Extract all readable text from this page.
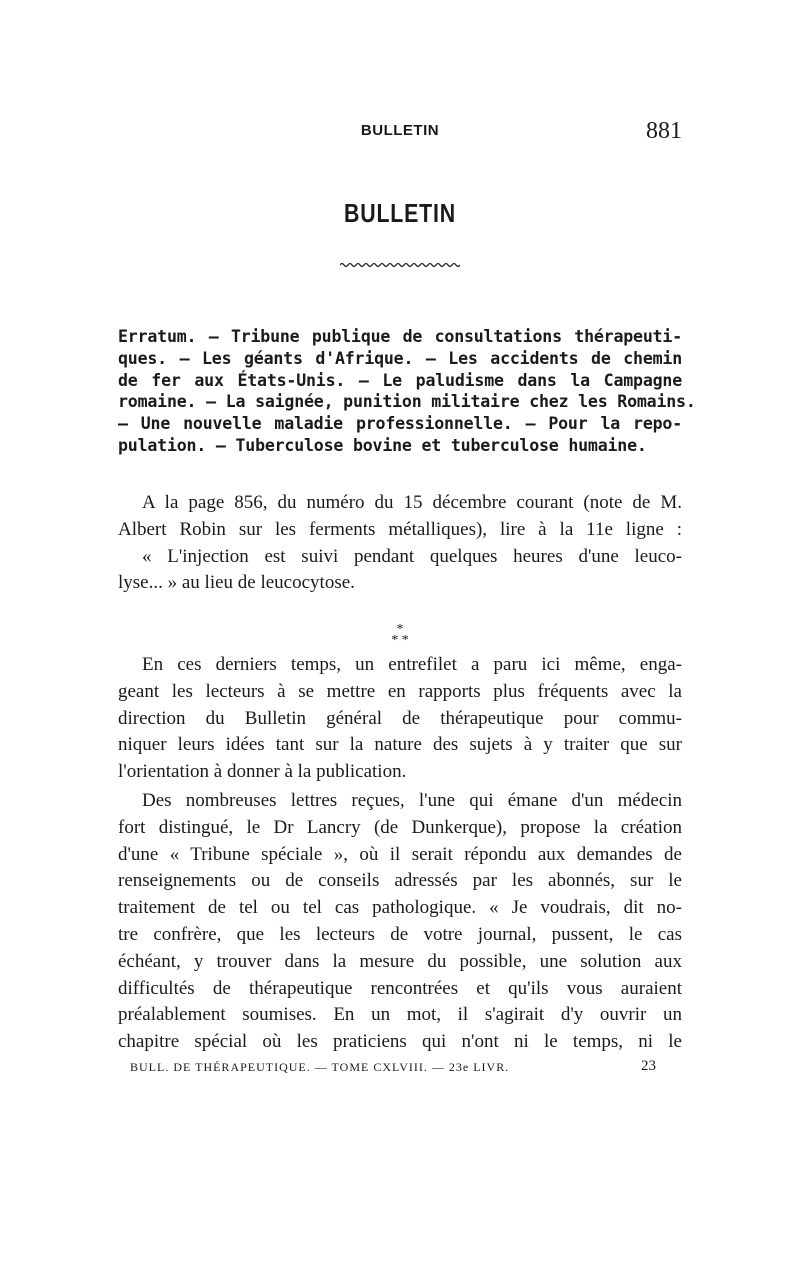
BULLETIN	881
BULLETIN
Erratum. — Tribune publique de consultations thérapeuti-
ques. — Les géants d'Afrique. — Les accidents de chemin
de fer aux États-Unis. — Le paludisme dans la Campagne
romaine. — La saignée, punition militaire chez les Romains.
— Une nouvelle maladie professionnelle. — Pour la repo-
pulation. — Tuberculose bovine et tuberculose humaine.
A la page 856, du numéro du 15 décembre courant (note de M.
Albert Robin sur les ferments métalliques), lire à la 11e ligne :
« L'injection est suivi pendant quelques heures d'une leuco-
lyse... » au lieu de leucocytose.
*
* *
En ces derniers temps, un entrefilet a paru ici même, enga-
geant les lecteurs à se mettre en rapports plus fréquents avec la
direction du Bulletin général de thérapeutique pour commu-
niquer leurs idées tant sur la nature des sujets à y traiter que sur
l'orientation à donner à la publication.
Des nombreuses lettres reçues, l'une qui émane d'un médecin
fort distingué, le Dr Lancry (de Dunkerque), propose la création
d'une « Tribune spéciale », où il serait répondu aux demandes de
renseignements ou de conseils adressés par les abonnés, sur le
traitement de tel ou tel cas pathologique. « Je voudrais, dit no-
tre confrère, que les lecteurs de votre journal, pussent, le cas
échéant, y trouver dans la mesure du possible, une solution aux
difficultés de thérapeutique rencontrées et qu'ils vous auraient
préalablement soumises. En un mot, il s'agirait d'y ouvrir un
chapitre spécial où les praticiens qui n'ont ni le temps, ni le
BULL. DE THÉRAPEUTIQUE. — TOME CXLVIII. — 23e LIVR.	23
